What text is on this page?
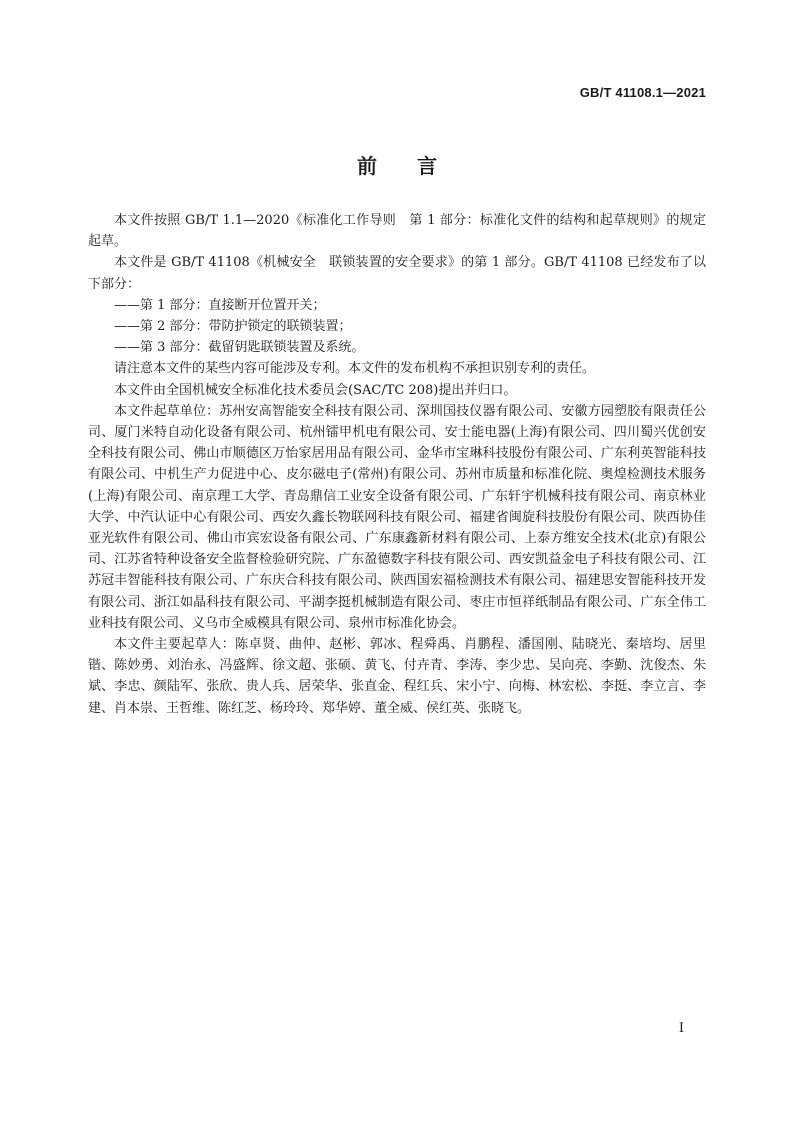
GB/T 41108.1—2021
前 言

本文件按照 GB/T 1.1—2020《标准化工作导则　第 1 部分：标准化文件的结构和起草规则》的规定起草。

本文件是 GB/T 41108《机械安全　联锁装置的安全要求》的第 1 部分。GB/T 41108 已经发布了以下部分：

——第 1 部分：直接断开位置开关；

——第 2 部分：带防护锁定的联锁装置；

——第 3 部分：截留钥匙联锁装置及系统。

请注意本文件的某些内容可能涉及专利。本文件的发布机构不承担识别专利的责任。

本文件由全国机械安全标准化技术委员会(SAC/TC 208)提出并归口。

本文件起草单位：苏州安高智能安全科技有限公司、深圳国技仪器有限公司、安徽方园塑胶有限责任公司、厦门米特自动化设备有限公司、杭州镭甲机电有限公司、安士能电器(上海)有限公司、四川蜀兴优创安全科技有限公司、佛山市顺德区万怡家居用品有限公司、金华市宝琳科技股份有限公司、广东利英智能科技有限公司、中机生产力促进中心、皮尔磁电子(常州)有限公司、苏州市质量和标准化院、奥煌检测技术服务(上海)有限公司、南京理工大学、青岛鼎信工业安全设备有限公司、广东轩宇机械科技有限公司、南京林业大学、中汽认证中心有限公司、西安久鑫长物联网科技有限公司、福建省闽旋科技股份有限公司、陕西协佳亚光软件有限公司、佛山市宾宏设备有限公司、广东康鑫新材料有限公司、上泰方维安全技术(北京)有限公司、江苏省特种设备安全监督检验研究院、广东盈德数字科技有限公司、西安凯益金电子科技有限公司、江苏冠丰智能科技有限公司、广东庆合科技有限公司、陕西国宏福检测技术有限公司、福建思安智能科技开发有限公司、浙江如晶科技有限公司、平湖李挺机械制造有限公司、枣庄市恒祥纸制品有限公司、广东全伟工业科技有限公司、义乌市全威模具有限公司、泉州市标准化协会。

本文件主要起草人：陈卓贤、曲仲、赵彬、郭冰、程舜禹、肖鹏程、潘国刚、陆晓光、秦培均、居里锴、陈妙勇、刘治永、冯盛辉、徐文超、张硕、黄飞、付卉青、李涛、李少忠、吴向亮、李勤、沈俊杰、朱斌、李忠、颜陆军、张欣、贵人兵、居荣华、张直金、程红兵、宋小宁、向梅、林宏松、李挺、李立言、李建、肖本崇、王哲维、陈红芝、杨玲玲、郑华婷、董全威、侯红英、张晓飞。

I
